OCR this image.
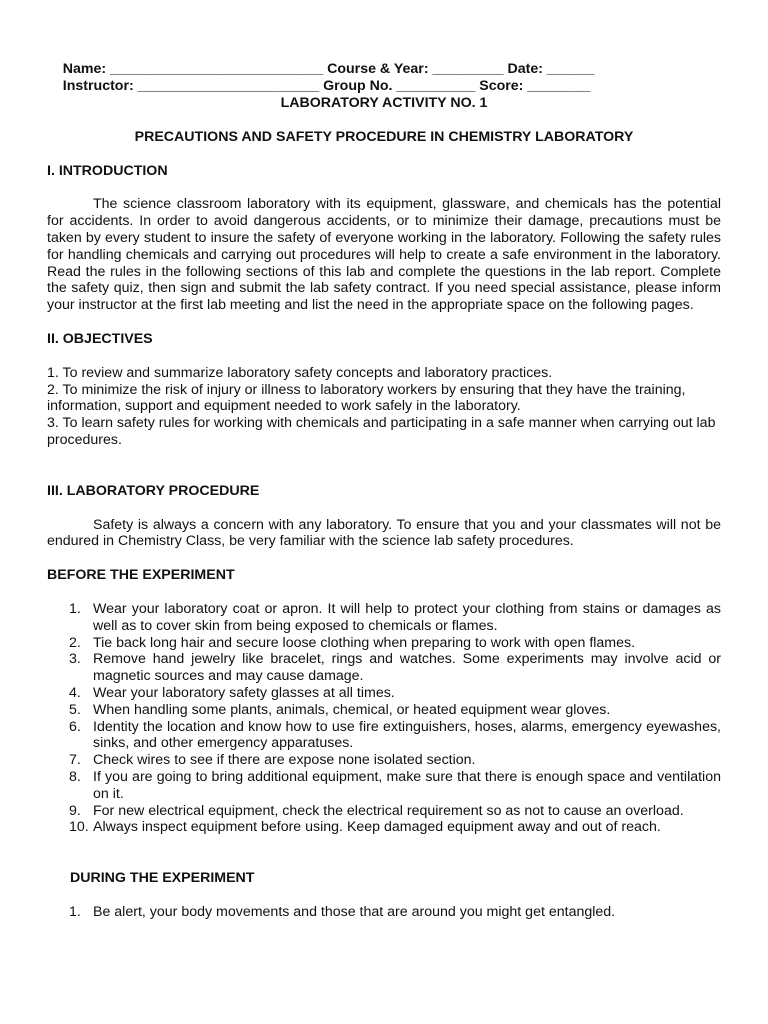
Name: ___________________________ Course & Year: _________ Date: ______

Instructor: _______________________ Group No. __________ Score: ________

LABORATORY ACTIVITY NO. 1
PRECAUTIONS AND SAFETY PROCEDURE IN CHEMISTRY LABORATORY
I. INTRODUCTION
The science classroom laboratory with its equipment, glassware, and chemicals has the potential for accidents. In order to avoid dangerous accidents, or to minimize their damage, precautions must be taken by every student to insure the safety of everyone working in the laboratory. Following the safety rules for handling chemicals and carrying out procedures will help to create a safe environment in the laboratory. Read the rules in the following sections of this lab and complete the questions in the lab report. Complete the safety quiz, then sign and submit the lab safety contract. If you need special assistance, please inform your instructor at the first lab meeting and list the need in the appropriate space on the following pages.
II. OBJECTIVES
1. To review and summarize laboratory safety concepts and laboratory practices.
2. To minimize the risk of injury or illness to laboratory workers by ensuring that they have the training, information, support and equipment needed to work safely in the laboratory.
3. To learn safety rules for working with chemicals and participating in a safe manner when carrying out lab procedures.
III. LABORATORY PROCEDURE
Safety is always a concern with any laboratory. To ensure that you and your classmates will not be endured in Chemistry Class, be very familiar with the science lab safety procedures.
BEFORE THE EXPERIMENT
1. Wear your laboratory coat or apron. It will help to protect your clothing from stains or damages as well as to cover skin from being exposed to chemicals or flames.
2. Tie back long hair and secure loose clothing when preparing to work with open flames.
3. Remove hand jewelry like bracelet, rings and watches. Some experiments may involve acid or magnetic sources and may cause damage.
4. Wear your laboratory safety glasses at all times.
5. When handling some plants, animals, chemical, or heated equipment wear gloves.
6. Identity the location and know how to use fire extinguishers, hoses, alarms, emergency eyewashes, sinks, and other emergency apparatuses.
7. Check wires to see if there are expose none isolated section.
8. If you are going to bring additional equipment, make sure that there is enough space and ventilation on it.
9. For new electrical equipment, check the electrical requirement so as not to cause an overload.
10. Always inspect equipment before using. Keep damaged equipment away and out of reach.
DURING THE EXPERIMENT
1. Be alert, your body movements and those that are around you might get entangled.
